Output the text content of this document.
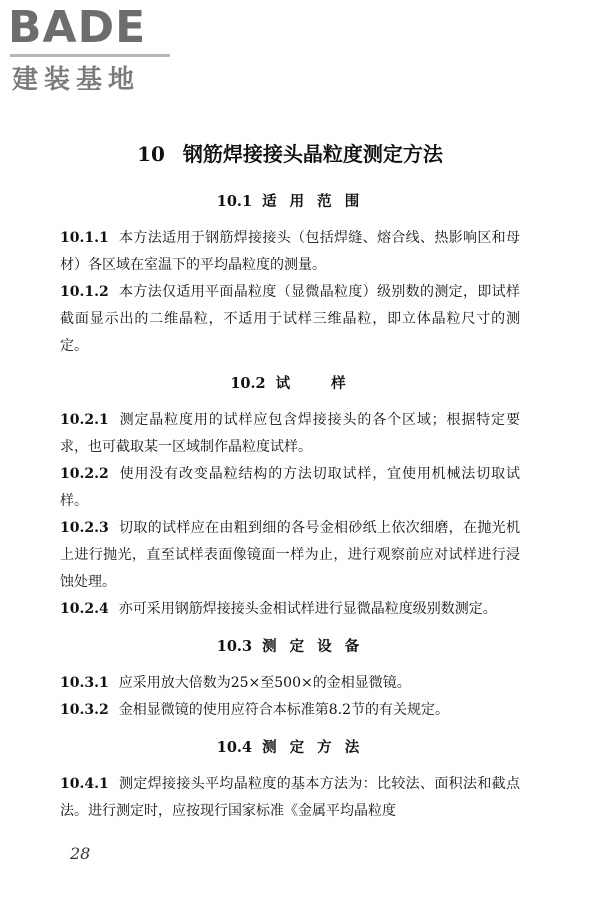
BADE
建装基地
10 钢筋焊接接头晶粒度测定方法
10.1 适 用 范 围

10.1.1 本方法适用于钢筋焊接接头（包括焊缝、熔合线、热影响区和母材）各区域在室温下的平均晶粒度的测量。

10.1.2 本方法仅适用平面晶粒度（显微晶粒度）级别数的测定，即试样截面显示出的二维晶粒，不适用于试样三维晶粒，即立体晶粒尺寸的测定。

10.2 试　　样

10.2.1 测定晶粒度用的试样应包含焊接接头的各个区域；根据特定要求，也可截取某一区域制作晶粒度试样。

10.2.2 使用没有改变晶粒结构的方法切取试样，宜使用机械法切取试样。

10.2.3 切取的试样应在由粗到细的各号金相砂纸上依次细磨，在抛光机上进行抛光，直至试样表面像镜面一样为止，进行观察前应对试样进行浸蚀处理。

10.2.4 亦可采用钢筋焊接接头金相试样进行显微晶粒度级别数测定。

10.3 测 定 设 备

10.3.1 应采用放大倍数为25×至500×的金相显微镜。

10.3.2 金相显微镜的使用应符合本标准第8.2节的有关规定。

10.4 测 定 方 法

10.4.1 测定焊接接头平均晶粒度的基本方法为：比较法、面积法和截点法。进行测定时，应按现行国家标准《金属平均晶粒度

28
